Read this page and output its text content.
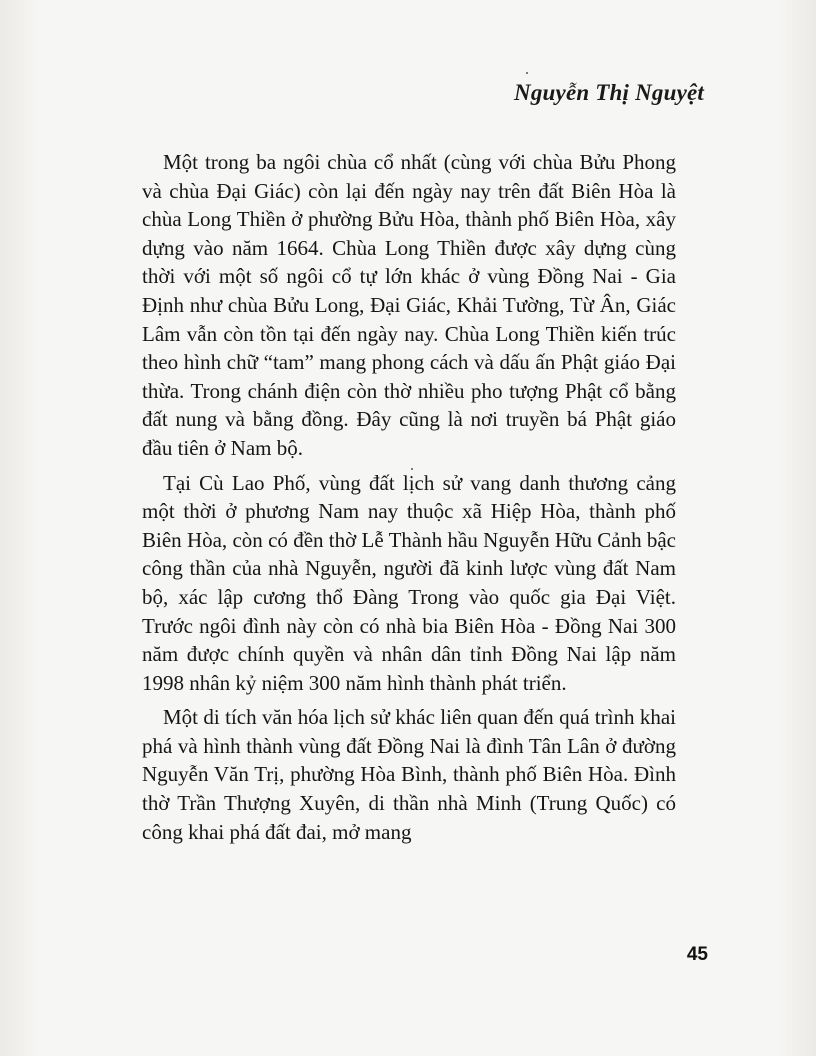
Nguyễn Thị Nguyệt

Một trong ba ngôi chùa cổ nhất (cùng với chùa Bửu Phong và chùa Đại Giác) còn lại đến ngày nay trên đất Biên Hòa là chùa Long Thiền ở phường Bửu Hòa, thành phố Biên Hòa, xây dựng vào năm 1664. Chùa Long Thiền được xây dựng cùng thời với một số ngôi cổ tự lớn khác ở vùng Đồng Nai - Gia Định như chùa Bửu Long, Đại Giác, Khải Tường, Từ Ân, Giác Lâm vẫn còn tồn tại đến ngày nay. Chùa Long Thiền kiến trúc theo hình chữ “tam” mang phong cách và dấu ấn Phật giáo Đại thừa. Trong chánh điện còn thờ nhiều pho tượng Phật cổ bằng đất nung và bằng đồng. Đây cũng là nơi truyền bá Phật giáo đầu tiên ở Nam bộ.

Tại Cù Lao Phố, vùng đất lịch sử vang danh thương cảng một thời ở phương Nam nay thuộc xã Hiệp Hòa, thành phố Biên Hòa, còn có đền thờ Lễ Thành hầu Nguyễn Hữu Cảnh bậc công thần của nhà Nguyễn, người đã kinh lược vùng đất Nam bộ, xác lập cương thổ Đàng Trong vào quốc gia Đại Việt. Trước ngôi đình này còn có nhà bia Biên Hòa - Đồng Nai 300 năm được chính quyền và nhân dân tỉnh Đồng Nai lập năm 1998 nhân kỷ niệm 300 năm hình thành phát triển.

Một di tích văn hóa lịch sử khác liên quan đến quá trình khai phá và hình thành vùng đất Đồng Nai là đình Tân Lân ở đường Nguyễn Văn Trị, phường Hòa Bình, thành phố Biên Hòa. Đình thờ Trần Thượng Xuyên, di thần nhà Minh (Trung Quốc) có công khai phá đất đai, mở mang

45
